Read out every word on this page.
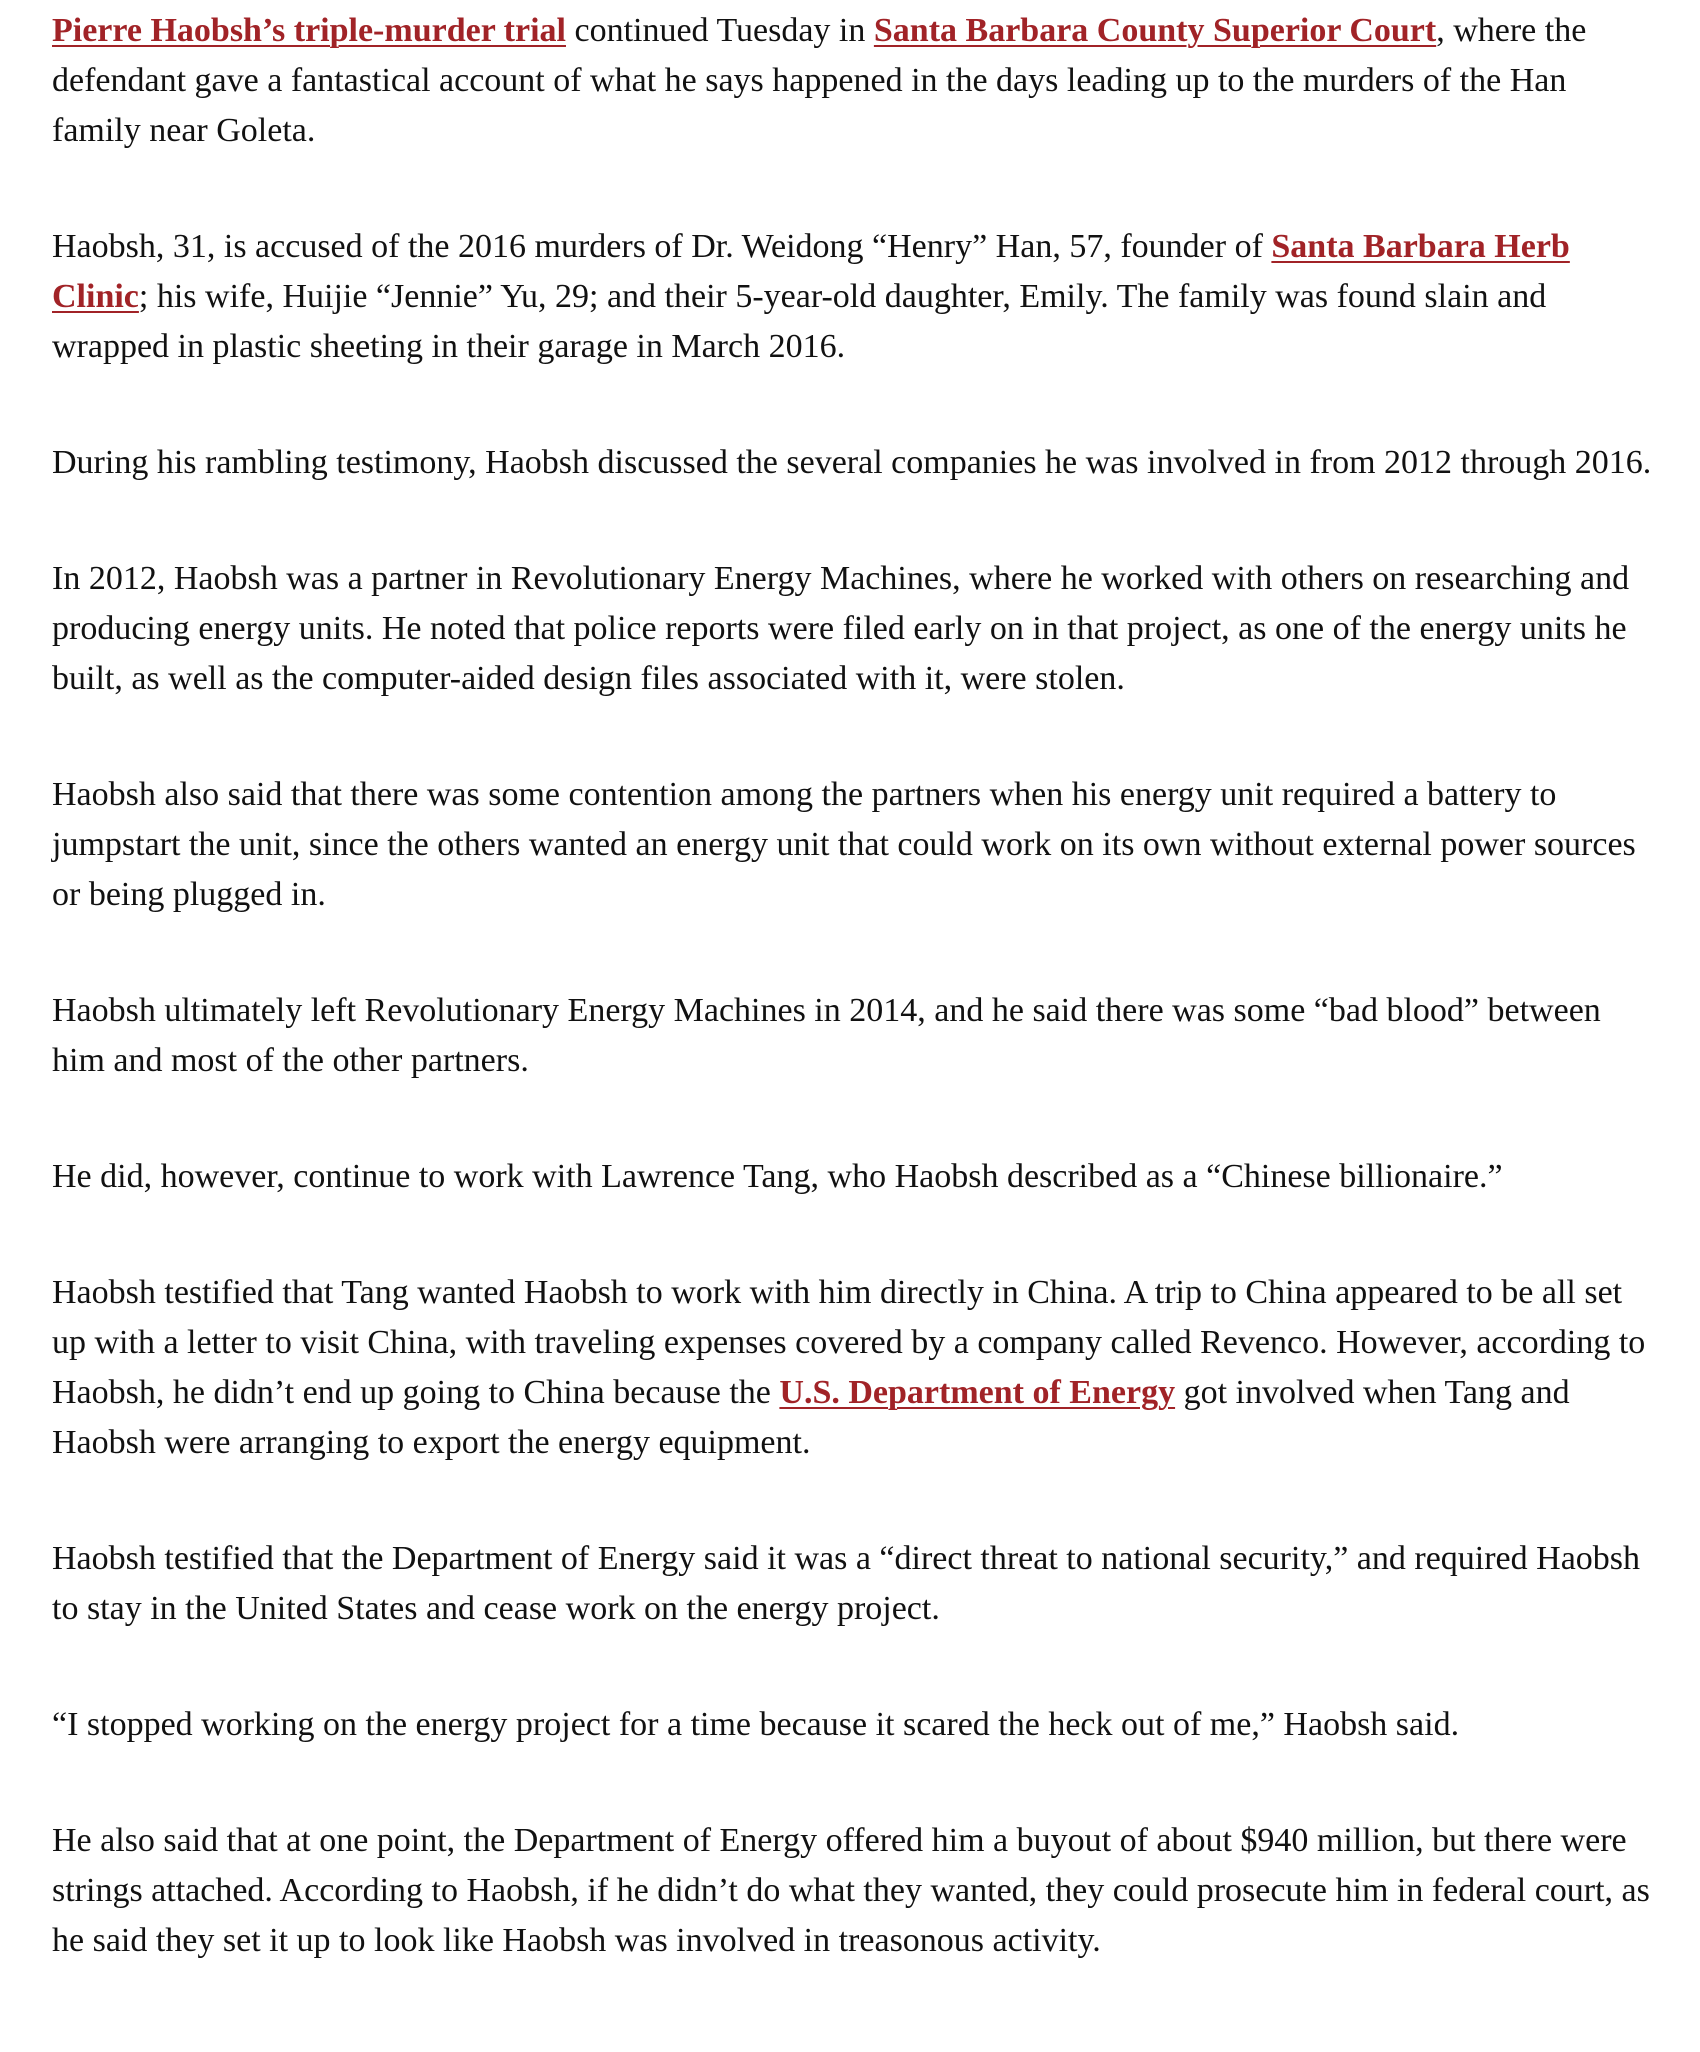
Pierre Haobsh’s triple-murder trial continued Tuesday in Santa Barbara County Superior Court, where the defendant gave a fantastical account of what he says happened in the days leading up to the murders of the Han family near Goleta.

Haobsh, 31, is accused of the 2016 murders of Dr. Weidong “Henry” Han, 57, founder of Santa Barbara Herb Clinic; his wife, Huijie “Jennie” Yu, 29; and their 5-year-old daughter, Emily. The family was found slain and wrapped in plastic sheeting in their garage in March 2016.

During his rambling testimony, Haobsh discussed the several companies he was involved in from 2012 through 2016.

In 2012, Haobsh was a partner in Revolutionary Energy Machines, where he worked with others on researching and producing energy units. He noted that police reports were filed early on in that project, as one of the energy units he built, as well as the computer-aided design files associated with it, were stolen.

Haobsh also said that there was some contention among the partners when his energy unit required a battery to jumpstart the unit, since the others wanted an energy unit that could work on its own without external power sources or being plugged in.

Haobsh ultimately left Revolutionary Energy Machines in 2014, and he said there was some “bad blood” between him and most of the other partners.

He did, however, continue to work with Lawrence Tang, who Haobsh described as a “Chinese billionaire.”

Haobsh testified that Tang wanted Haobsh to work with him directly in China. A trip to China appeared to be all set up with a letter to visit China, with traveling expenses covered by a company called Revenco. However, according to Haobsh, he didn’t end up going to China because the U.S. Department of Energy got involved when Tang and Haobsh were arranging to export the energy equipment.

Haobsh testified that the Department of Energy said it was a “direct threat to national security,” and required Haobsh to stay in the United States and cease work on the energy project.

“I stopped working on the energy project for a time because it scared the heck out of me,” Haobsh said.

He also said that at one point, the Department of Energy offered him a buyout of about $940 million, but there were strings attached. According to Haobsh, if he didn’t do what they wanted, they could prosecute him in federal court, as he said they set it up to look like Haobsh was involved in treasonous activity.
